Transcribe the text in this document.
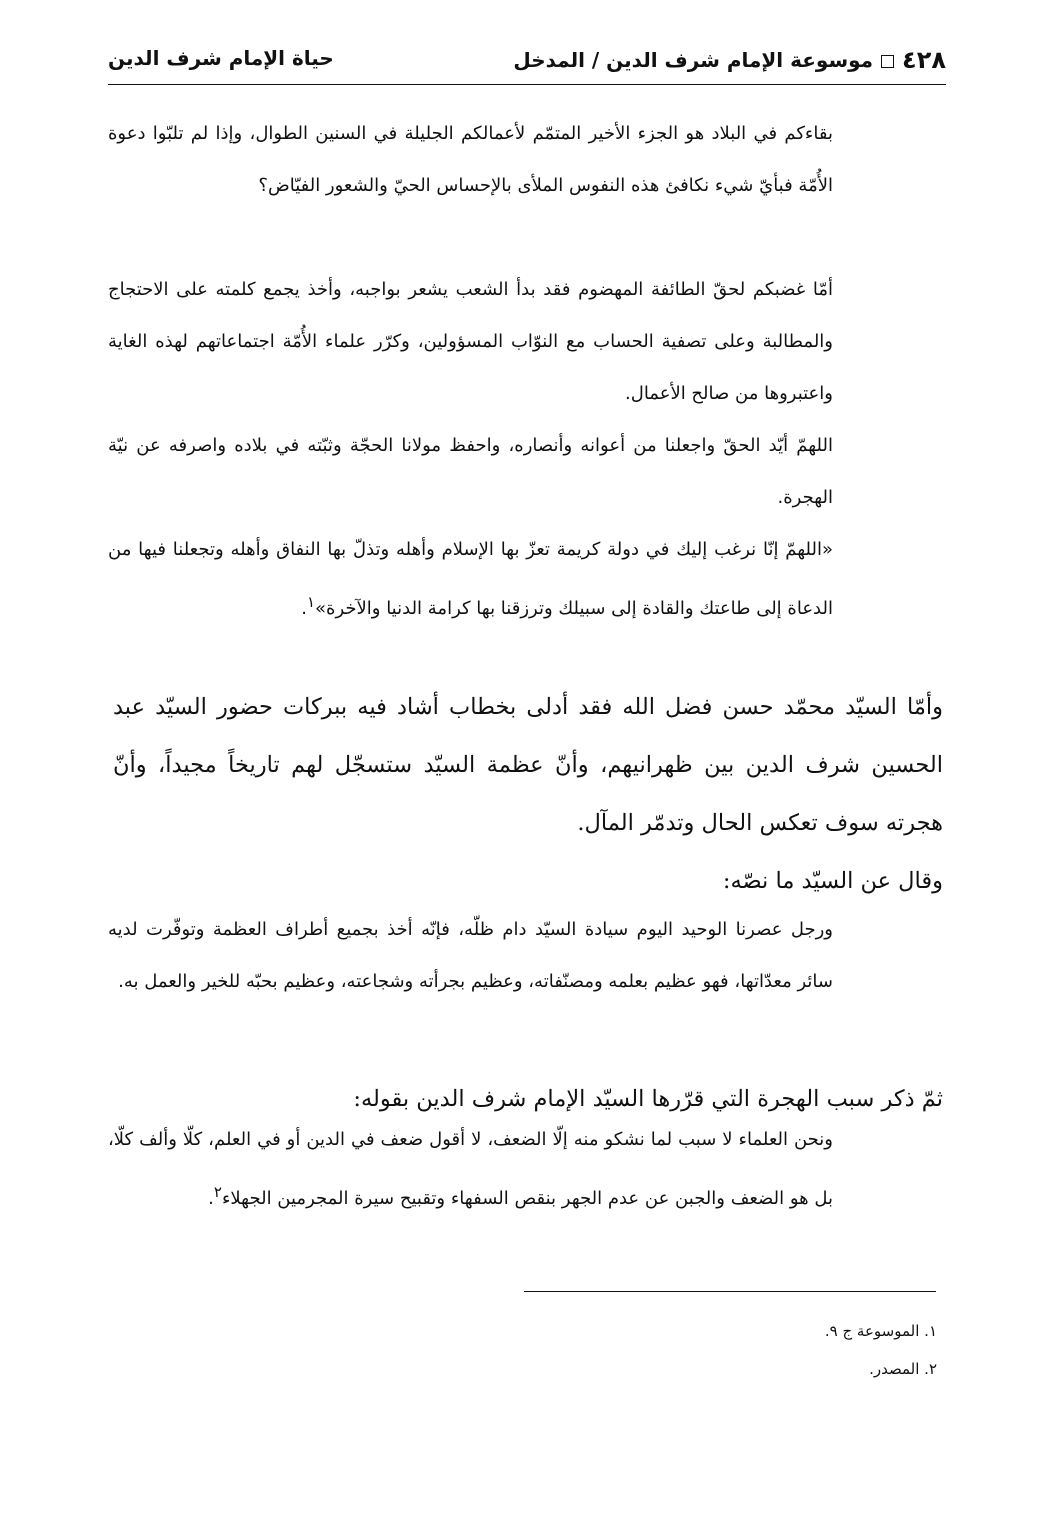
٤٢٨
موسوعة الإمام شرف الدين / المدخل
حياة الإمام شرف الدين

بقاءكم في البلاد هو الجزء الأخير المتمّم لأعمالكم الجليلة في السنين الطوال، وإذا لم تلبّوا دعوة الأُمّة فبأيّ شيء نكافئ هذه النفوس الملأى بالإحساس الحيّ والشعور الفيّاض؟

أمّا غضبكم لحقّ الطائفة المهضوم فقد بدأ الشعب يشعر بواجبه، وأخذ يجمع كلمته على الاحتجاج والمطالبة وعلى تصفية الحساب مع النوّاب المسؤولين، وكرّر علماء الأُمّة اجتماعاتهم لهذه الغاية واعتبروها من صالح الأعمال.

اللهمّ أيّد الحقّ واجعلنا من أعوانه وأنصاره، واحفظ مولانا الحجّة وثبّته في بلاده واصرفه عن نيّة الهجرة.

«اللهمّ إنّا نرغب إليك في دولة كريمة تعزّ بها الإسلام وأهله وتذلّ بها النفاق وأهله وتجعلنا فيها من الدعاة إلى طاعتك والقادة إلى سبيلك وترزقنا بها كرامة الدنيا والآخرة»$^١$.

وأمّا السيّد محمّد حسن فضل الله فقد أدلى بخطاب أشاد فيه ببركات حضور السيّد عبد الحسين شرف الدين بين ظهرانيهم، وأنّ عظمة السيّد ستسجّل لهم تاريخاً مجيداً، وأنّ هجرته سوف تعكس الحال وتدمّر المآل.

وقال عن السيّد ما نصّه:

ورجل عصرنا الوحيد اليوم سيادة السيّد دام ظلّه، فإنّه أخذ بجميع أطراف العظمة وتوفّرت لديه سائر معدّاتها، فهو عظيم بعلمه ومصنّفاته، وعظيم بجرأته وشجاعته، وعظيم بحبّه للخير والعمل به.

ثمّ ذكر سبب الهجرة التي قرّرها السيّد الإمام شرف الدين بقوله:

ونحن العلماء لا سبب لما نشكو منه إلّا الضعف، لا أقول ضعف في الدين أو في العلم، كلّا وألف كلّا، بل هو الضعف والجبن عن عدم الجهر بنقص السفهاء وتقبيح سيرة المجرمين الجهلاء$^٢$.

١. الموسوعة ج ٩.
٢. المصدر.
